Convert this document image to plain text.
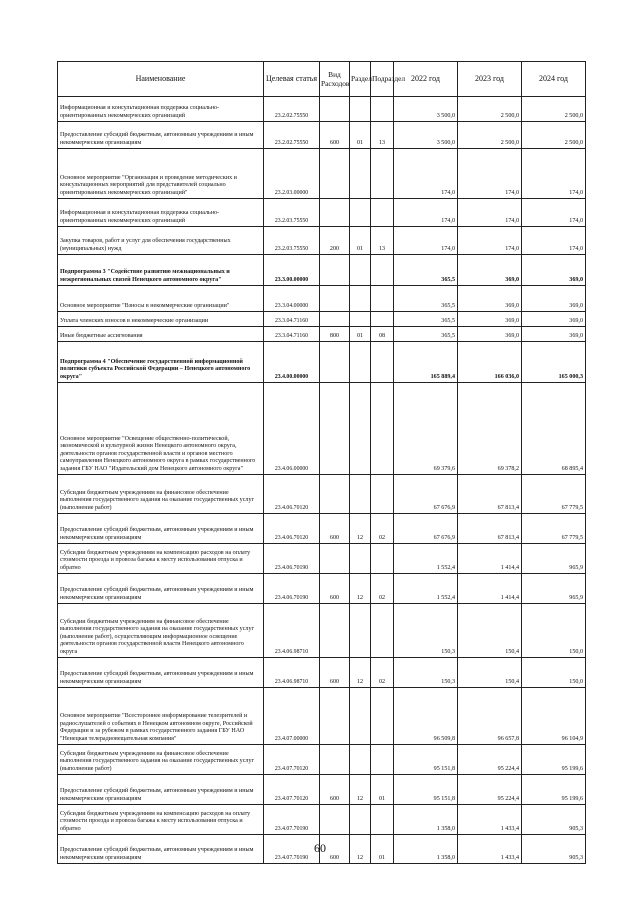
Наименование	Целевая статья	Вид Расходов	Раздел	Подраздел	2022 год	2023 год	2024 год
Информационная и консультационная поддержка социально-ориентированных некоммерческих организаций	23.2.02.75550				3 500,0	2 500,0	2 500,0
Предоставление субсидий бюджетным, автономным учреждениям и иным некоммерческим организациям	23.2.02.75550	600	01	13	3 500,0	2 500,0	2 500,0
Основное мероприятие "Организация и проведение методических и консультационных мероприятий для представителей социально ориентированных некоммерческих организаций"	23.2.03.00000				174,0	174,0	174,0
Информационная и консультационная поддержка социально-ориентированных некоммерческих организаций	23.2.03.75550				174,0	174,0	174,0
Закупка товаров, работ и услуг для обеспечения государственных (муниципальных) нужд	23.2.03.75550	200	01	13	174,0	174,0	174,0
Подпрограмма 3 "Содействие развитию межнациональных и межрегиональных связей Ненецкого автономного округа"	23.3.00.00000				365,5	369,0	369,0
Основное мероприятие "Взносы в некоммерческие организации"	23.3.04.00000				365,5	369,0	369,0
Уплата членских взносов в некоммерческие организации	23.3.04.71160				365,5	369,0	369,0
Иные бюджетные ассигнования	23.3.04.71160	800	01	08	365,5	369,0	369,0
Подпрограмма 4 "Обеспечение государственной информационной политики субъекта Российской Федерации – Ненецкого автономного округа"	23.4.00.00000				165 889,4	166 036,0	165 000,3
Основное мероприятие "Освещение общественно-политической, экономической и культурной жизни Ненецкого автономного округа, деятельности органов государственной власти и органов местного самоуправления Ненецкого автономного округа в рамках государственного задания ГБУ НАО "Издательский дом Ненецкого автономного округа"	23.4.06.00000				69 379,6	69 378,2	68 895,4
Субсидии бюджетным учреждениям на финансовое обеспечение выполнения государственного задания на оказание государственных услуг (выполнение работ)	23.4.06.70120				67 676,9	67 813,4	67 779,5
Предоставление субсидий бюджетным, автономным учреждениям и иным некоммерческим организациям	23.4.06.70120	600	12	02	67 676,9	67 813,4	67 779,5
Субсидии бюджетным учреждениям на компенсацию расходов на оплату стоимости проезда и провоза багажа к месту использования отпуска и обратно	23.4.06.70190				1 552,4	1 414,4	965,9
Предоставление субсидий бюджетным, автономным учреждениям и иным некоммерческим организациям	23.4.06.70190	600	12	02	1 552,4	1 414,4	965,9
Субсидии бюджетным учреждениям на финансовое обеспечение выполнения государственного задания на оказание государственных услуг (выполнение работ), осуществляющим информационное освещение деятельности органов государственной власти Ненецкого автономного округа	23.4.06.98710				150,3	150,4	150,0
Предоставление субсидий бюджетным, автономным учреждениям и иным некоммерческим организациям	23.4.06.98710	600	12	02	150,3	150,4	150,0
Основное мероприятие "Всестороннее информирование телезрителей и радиослушателей о событиях в Ненецком автономном округе, Российской Федерации и за рубежом в рамках государственного задания ГБУ НАО "Ненецкая телерадиовещательная компания"	23.4.07.00000				96 509,8	96 657,8	96 104,9
Субсидии бюджетным учреждениям на финансовое обеспечение выполнения государственного задания на оказание государственных услуг (выполнение работ)	23.4.07.70120				95 151,8	95 224,4	95 199,6
Предоставление субсидий бюджетным, автономным учреждениям и иным некоммерческим организациям	23.4.07.70120	600	12	01	95 151,8	95 224,4	95 199,6
Субсидии бюджетным учреждениям на компенсацию расходов на оплату стоимости проезда и провоза багажа к месту использования отпуска и обратно	23.4.07.70190				1 358,0	1 433,4	905,3
Предоставление субсидий бюджетным, автономным учреждениям и иным некоммерческим организациям	23.4.07.70190	600	12	01	1 358,0	1 433,4	905,3
60
